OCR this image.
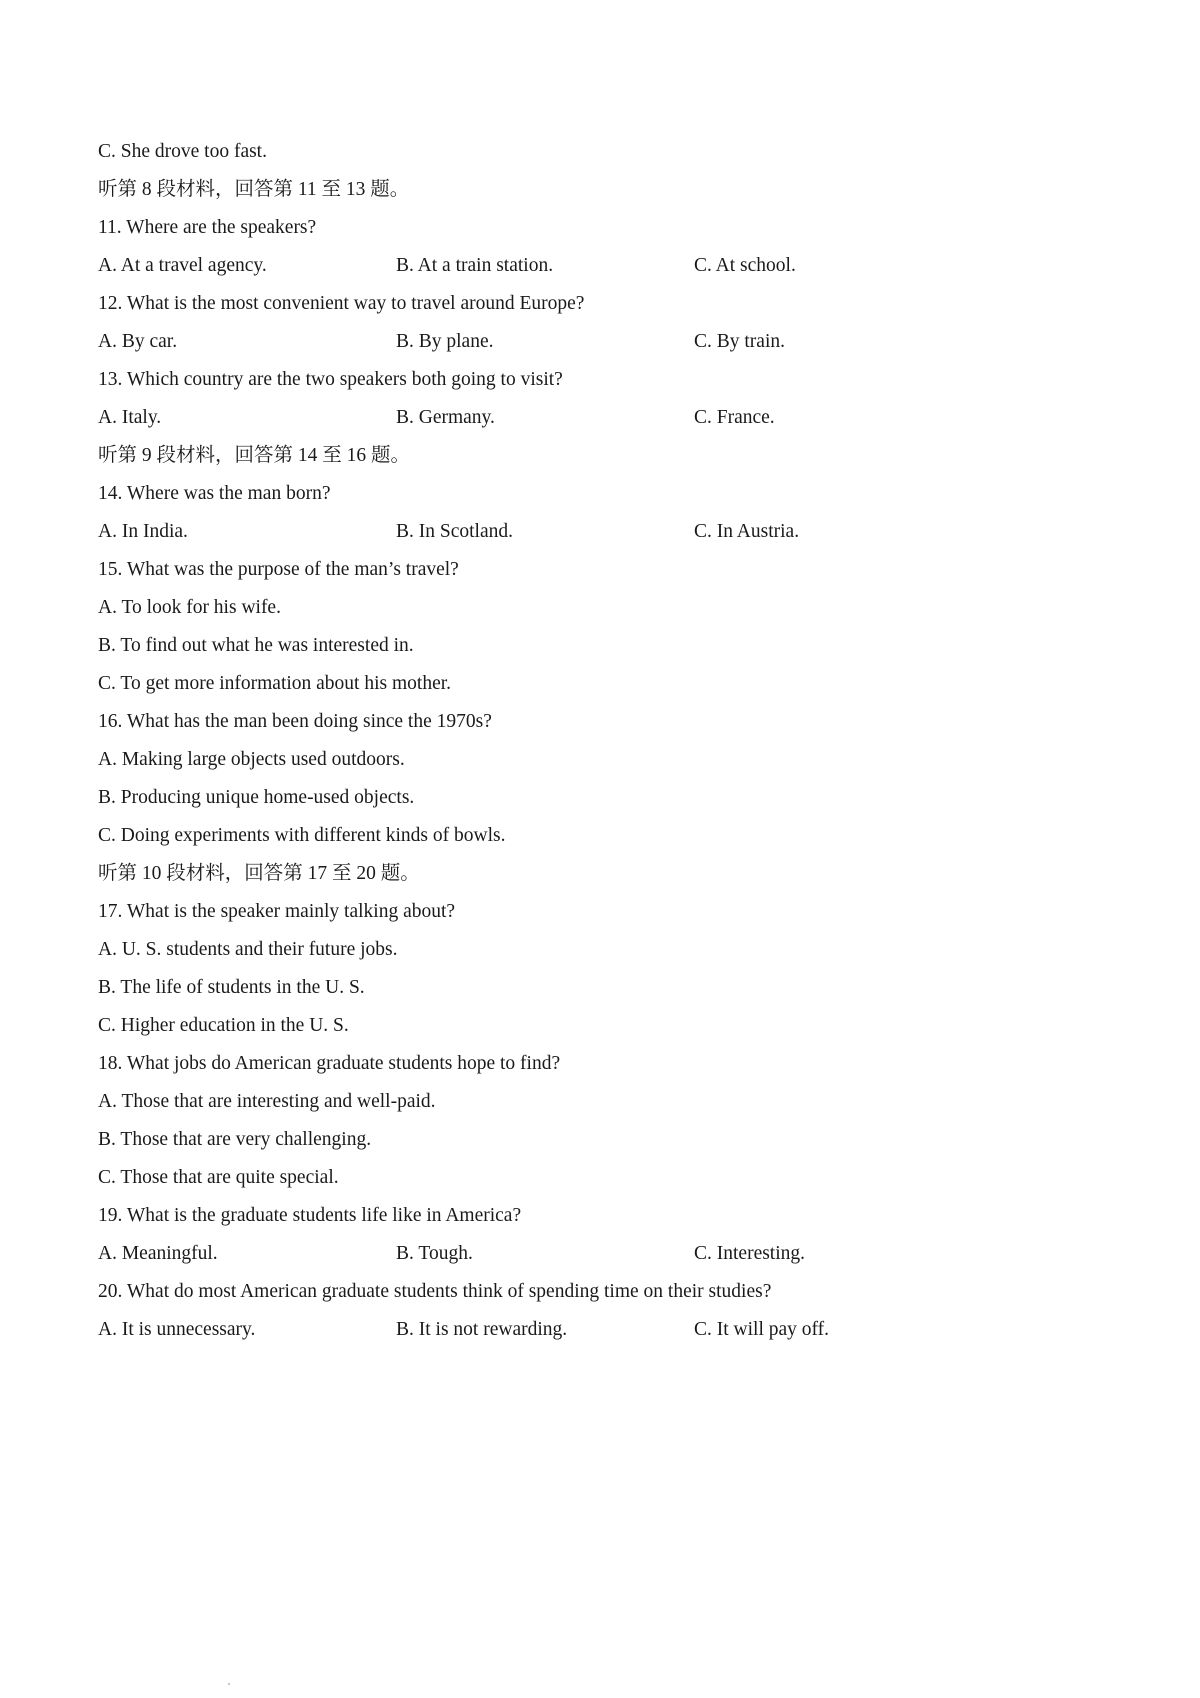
C. She drove too fast.
听第 8 段材料，回答第 11 至 13 题。
11. Where are the speakers?
A. At a travel agency.	B. At a train station.	C. At school.
12. What is the most convenient way to travel around Europe?
A. By car.	B. By plane.	C. By train.
13. Which country are the two speakers both going to visit?
A. Italy.	B. Germany.	C. France.
听第 9 段材料，回答第 14 至 16 题。
14. Where was the man born?
A. In India.	B. In Scotland.	C. In Austria.
15. What was the purpose of the man’s travel?
A. To look for his wife.
B. To find out what he was interested in.
C. To get more information about his mother.
16. What has the man been doing since the 1970s?
A. Making large objects used outdoors.
B. Producing unique home-used objects.
C. Doing experiments with different kinds of bowls.
听第 10 段材料，回答第 17 至 20 题。
17. What is the speaker mainly talking about?
A. U. S. students and their future jobs.
B. The life of students in the U. S.
C. Higher education in the U. S.
18. What jobs do American graduate students hope to find?
A. Those that are interesting and well-paid.
B. Those that are very challenging.
C. Those that are quite special.
19. What is the graduate students life like in America?
A. Meaningful.	B. Tough.	C. Interesting.
20. What do most American graduate students think of spending time on their studies?
A. It is unnecessary.	B. It is not rewarding.	C. It will pay off.
